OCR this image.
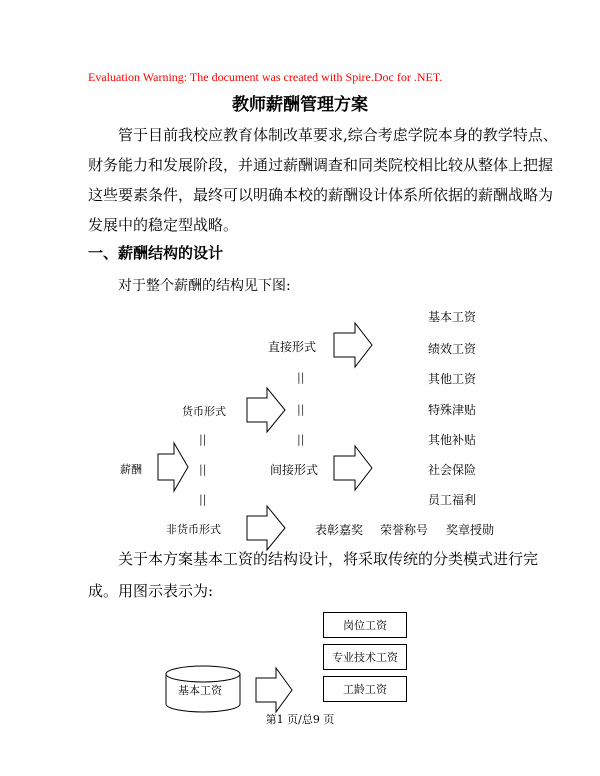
Evaluation Warning: The document was created with Spire.Doc for .NET.
教师薪酬管理方案
管于目前我校应教育体制改革要求,综合考虑学院本身的教学特点、
财务能力和发展阶段，并通过薪酬调查和同类院校相比较从整体上把握
这些要素条件，最终可以明确本校的薪酬设计体系所依据的薪酬战略为
发展中的稳定型战略。
一、薪酬结构的设计
对于整个薪酬的结构见下图:
直接形式
间接形式
货币形式
非货币形式
薪酬
||
||
||
||
||
||
基本工资
绩效工资
其他工资
特殊津贴
其他补贴
社会保险
员工福利
表彰嘉奖 荣誉称号 奖章授勋
关于本方案基本工资的结构设计，将采取传统的分类模式进行完
成。用图示表示为:
岗位工资
专业技术工资
工龄工资
基本工资
第1 页/总9 页
